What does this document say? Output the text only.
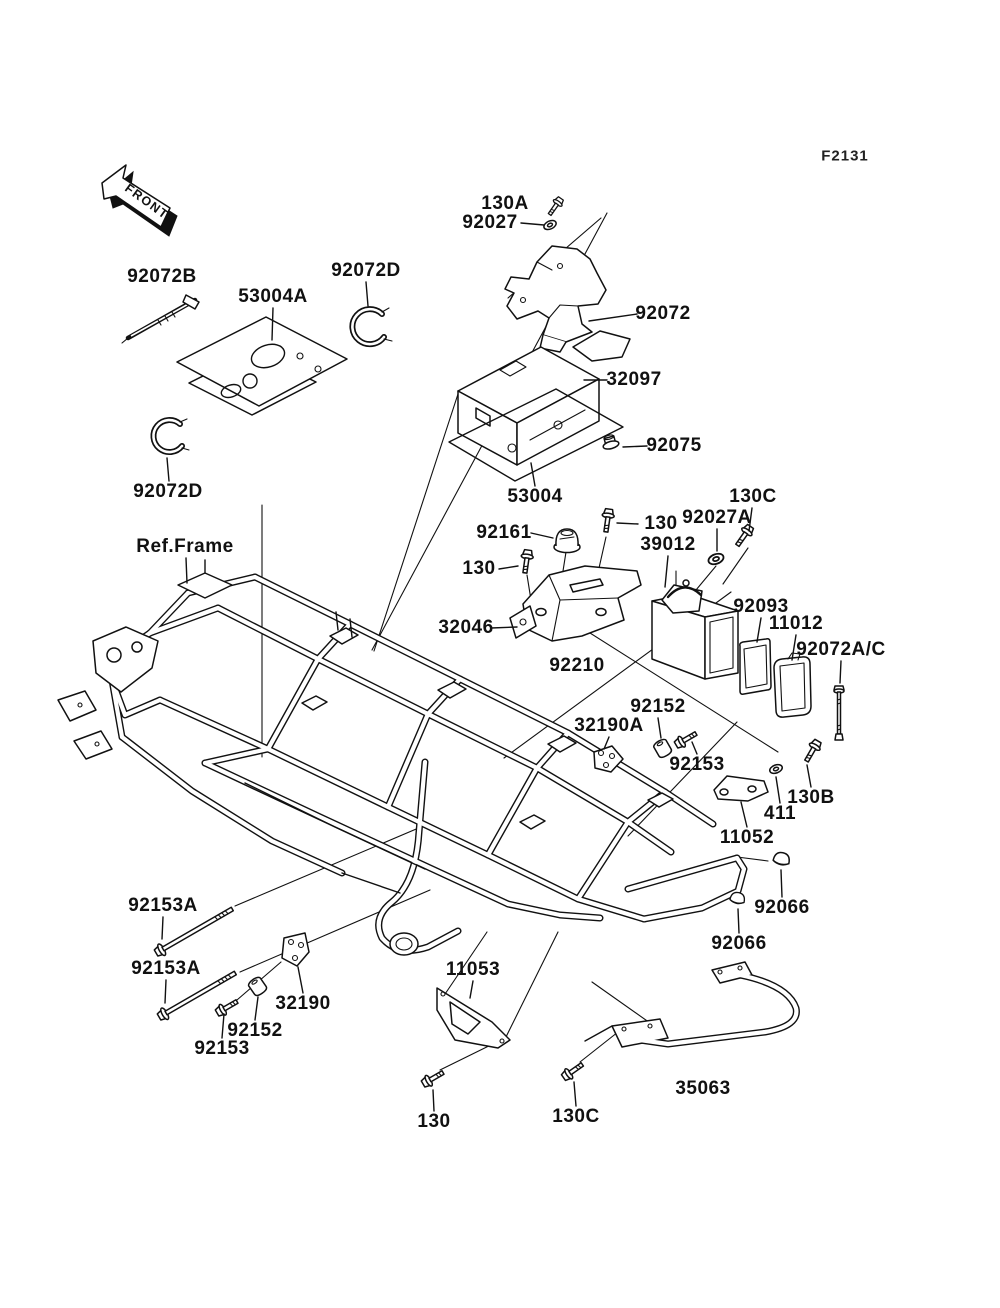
FRONT
F2131
Ref.Frame
130A
92027
92072
92072B
53004A
92072D
92072D
32097
92075
53004
92161	130
130C
92027A
39012
130
32046
92210
92093
11012
92072A/C
92152
32190A
92153
130B
411
11052
92153A
92153A
32190
92152
92153
92066
92066
11053
130	130C
35063
